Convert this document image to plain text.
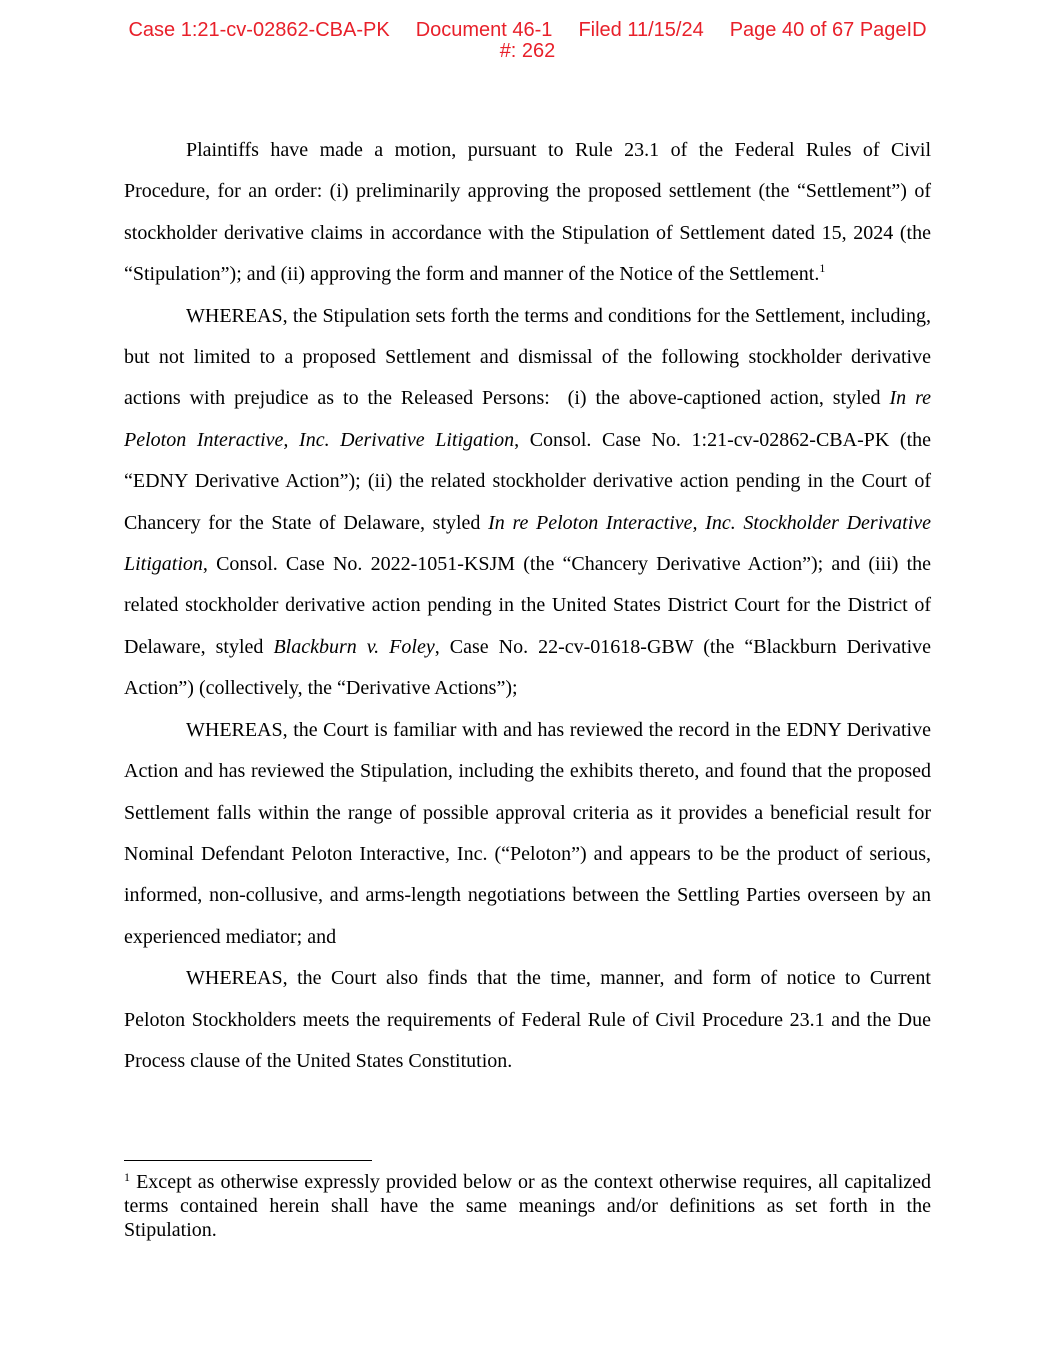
Case 1:21-cv-02862-CBA-PK Document 46-1 Filed 11/15/24 Page 40 of 67 PageID
#: 262

Plaintiffs have made a motion, pursuant to Rule 23.1 of the Federal Rules of Civil Procedure, for an order: (i) preliminarily approving the proposed settlement (the “Settlement”) of stockholder derivative claims in accordance with the Stipulation of Settlement dated 15, 2024 (the “Stipulation”); and (ii) approving the form and manner of the Notice of the Settlement.$^1$

WHEREAS, the Stipulation sets forth the terms and conditions for the Settlement, including, but not limited to a proposed Settlement and dismissal of the following stockholder derivative actions with prejudice as to the Released Persons:  (i) the above-captioned action, styled In re Peloton Interactive, Inc. Derivative Litigation, Consol. Case No. 1:21-cv-02862-CBA-PK (the “EDNY Derivative Action”); (ii) the related stockholder derivative action pending in the Court of Chancery for the State of Delaware, styled In re Peloton Interactive, Inc. Stockholder Derivative Litigation, Consol. Case No. 2022-1051-KSJM (the “Chancery Derivative Action”); and (iii) the related stockholder derivative action pending in the United States District Court for the District of Delaware, styled Blackburn v. Foley, Case No. 22-cv-01618-GBW (the “Blackburn Derivative Action”) (collectively, the “Derivative Actions”);

WHEREAS, the Court is familiar with and has reviewed the record in the EDNY Derivative Action and has reviewed the Stipulation, including the exhibits thereto, and found that the proposed Settlement falls within the range of possible approval criteria as it provides a beneficial result for Nominal Defendant Peloton Interactive, Inc. (“Peloton”) and appears to be the product of serious, informed, non-collusive, and arms-length negotiations between the Settling Parties overseen by an experienced mediator; and

WHEREAS, the Court also finds that the time, manner, and form of notice to Current Peloton Stockholders meets the requirements of Federal Rule of Civil Procedure 23.1 and the Due Process clause of the United States Constitution.

$^1$ Except as otherwise expressly provided below or as the context otherwise requires, all capitalized terms contained herein shall have the same meanings and/or definitions as set forth in the Stipulation.
